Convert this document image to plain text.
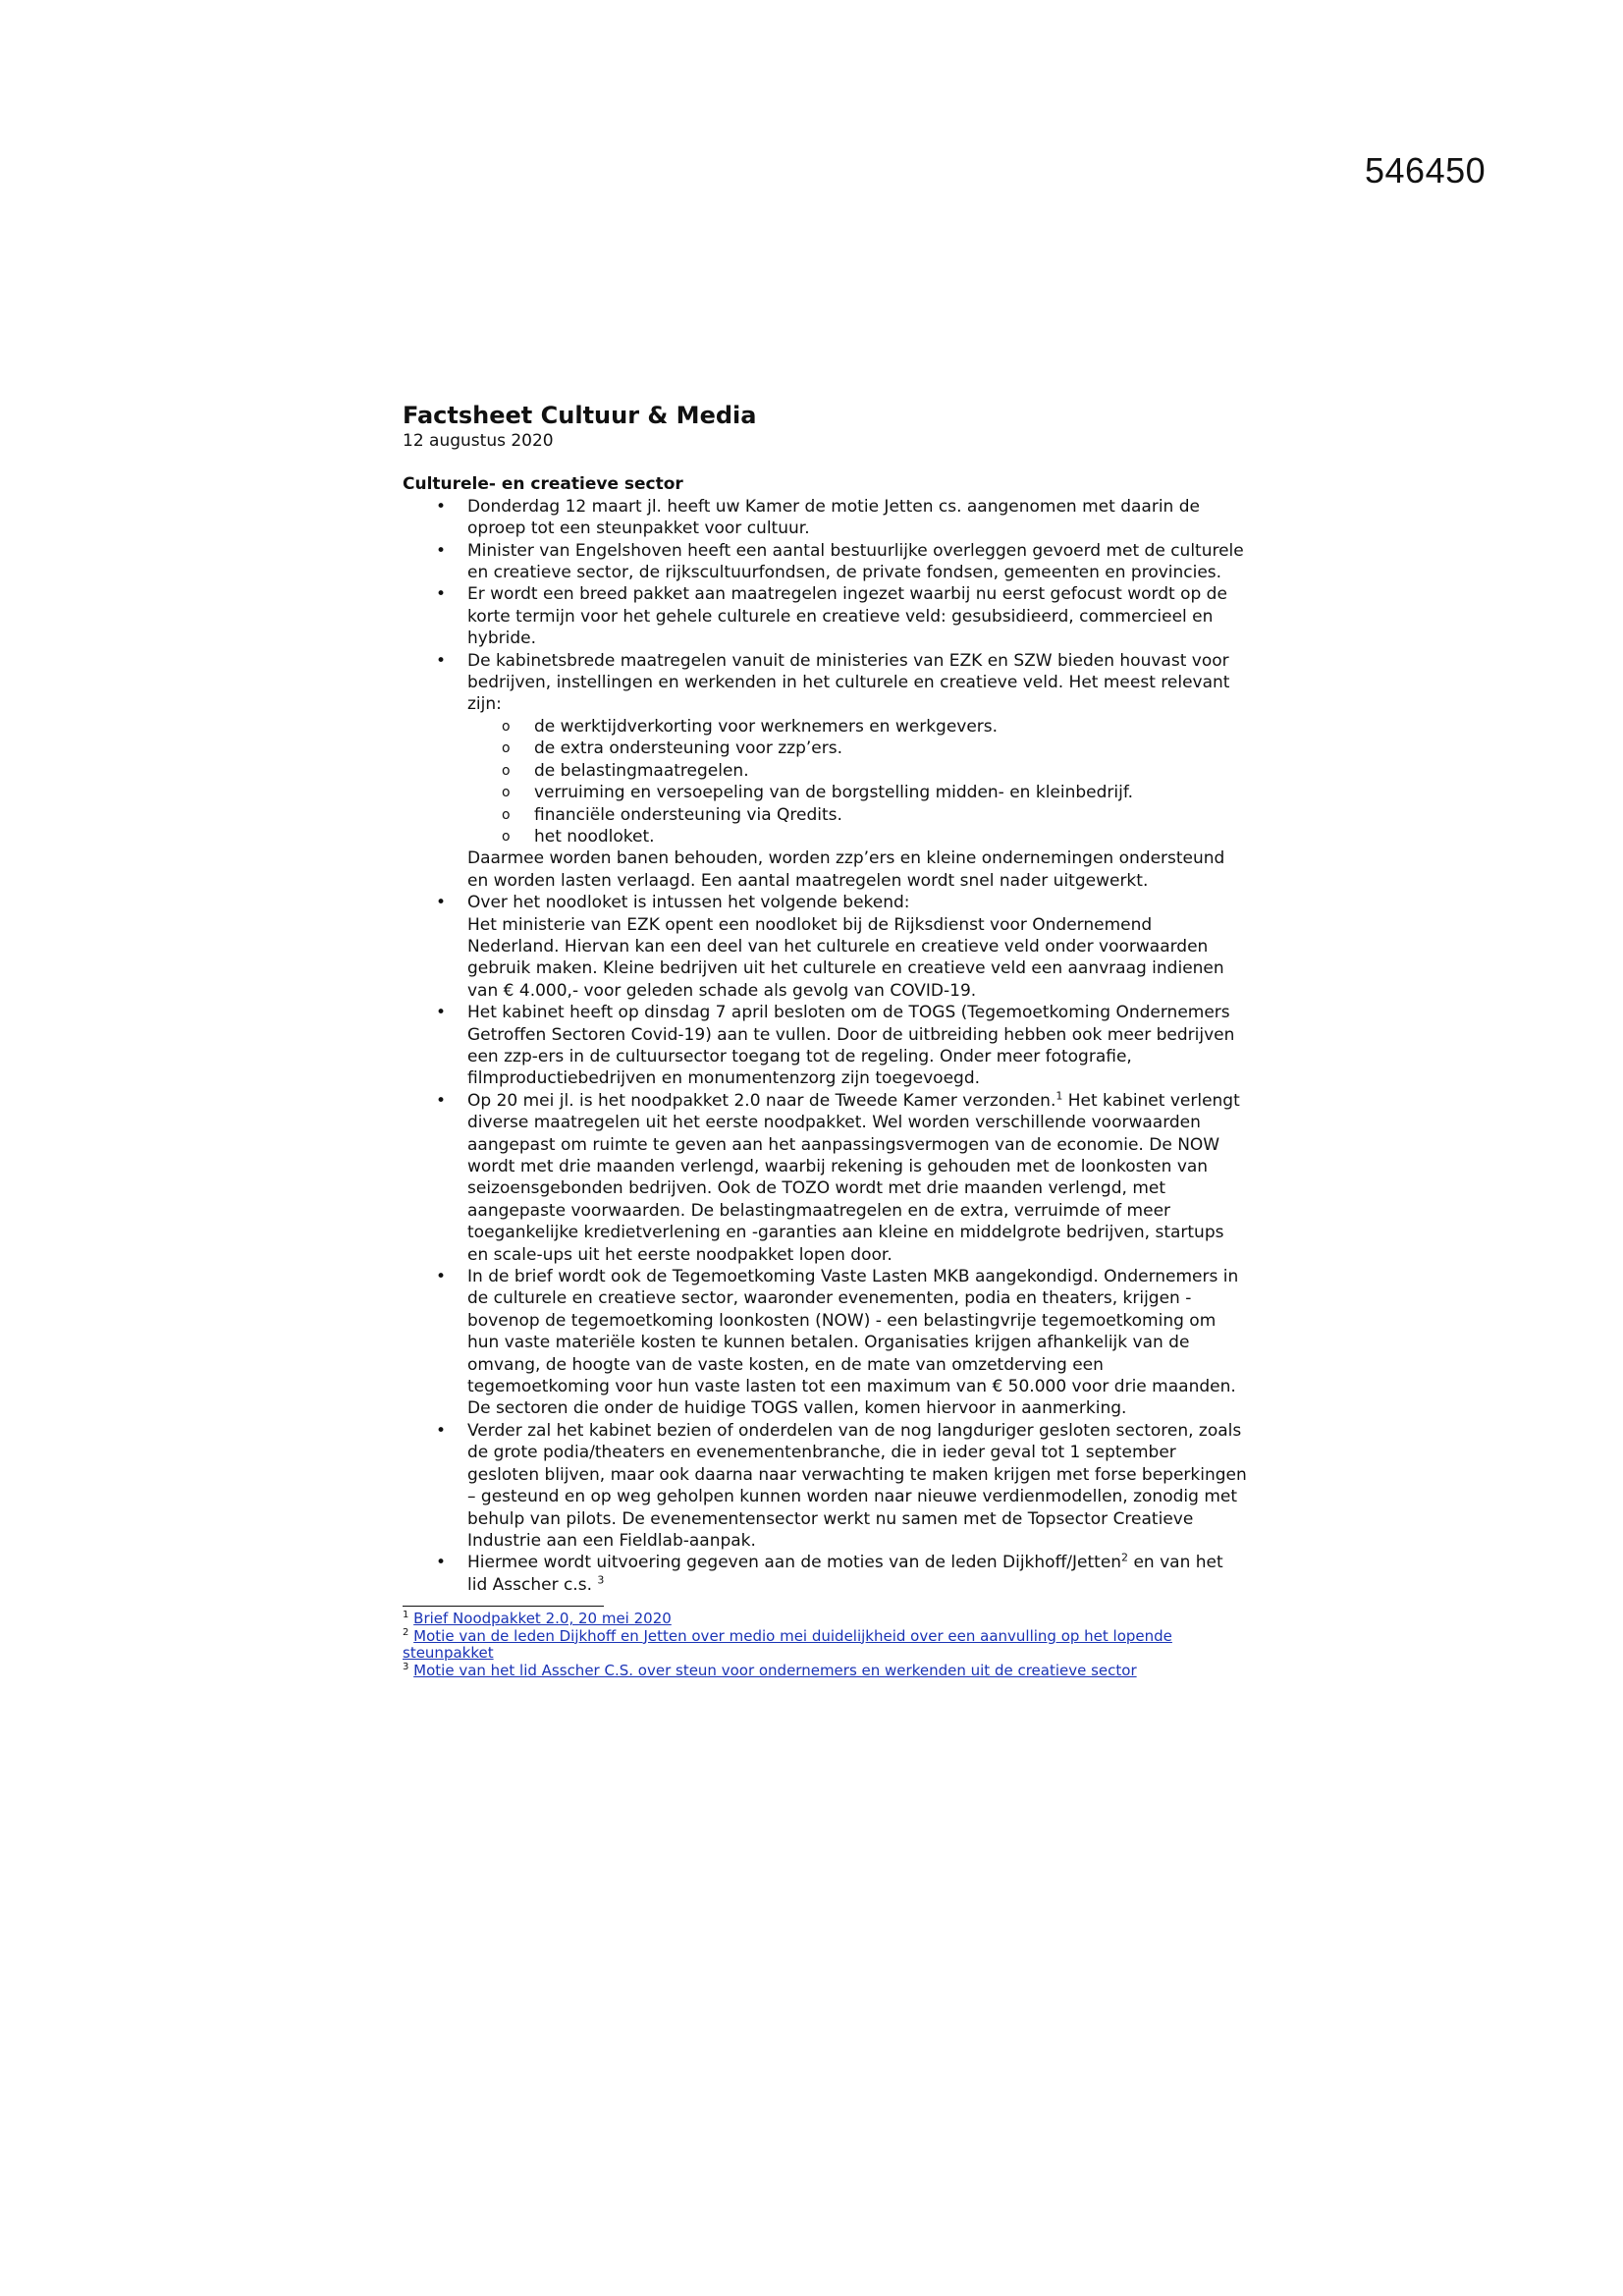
546450
Factsheet Cultuur & Media

12 augustus 2020

Culturele- en creatieve sector

• Donderdag 12 maart jl. heeft uw Kamer de motie Jetten cs. aangenomen met daarin de oproep tot een steunpakket voor cultuur.
• Minister van Engelshoven heeft een aantal bestuurlijke overleggen gevoerd met de culturele en creatieve sector, de rijkscultuurfondsen, de private fondsen, gemeenten en provincies.
• Er wordt een breed pakket aan maatregelen ingezet waarbij nu eerst gefocust wordt op de korte termijn voor het gehele culturele en creatieve veld: gesubsidieerd, commercieel en hybride.
• De kabinetsbrede maatregelen vanuit de ministeries van EZK en SZW bieden houvast voor bedrijven, instellingen en werkenden in het culturele en creatieve veld. Het meest relevant zijn:

o de werktijdverkorting voor werknemers en werkgevers.
o de extra ondersteuning voor zzp’ers.
o de belastingmaatregelen.
o verruiming en versoepeling van de borgstelling midden- en kleinbedrijf.
o financiële ondersteuning via Qredits.
o het noodloket.

Daarmee worden banen behouden, worden zzp’ers en kleine ondernemingen ondersteund en worden lasten verlaagd. Een aantal maatregelen wordt snel nader uitgewerkt.

• Over het noodloket is intussen het volgende bekend:

Het ministerie van EZK opent een noodloket bij de Rijksdienst voor Ondernemend Nederland. Hiervan kan een deel van het culturele en creatieve veld onder voorwaarden gebruik maken. Kleine bedrijven uit het culturele en creatieve veld een aanvraag indienen van € 4.000,- voor geleden schade als gevolg van COVID-19.

• Het kabinet heeft op dinsdag 7 april besloten om de TOGS (Tegemoetkoming Ondernemers Getroffen Sectoren Covid-19) aan te vullen. Door de uitbreiding hebben ook meer bedrijven een zzp-ers in de cultuursector toegang tot de regeling. Onder meer fotografie, filmproductiebedrijven en monumentenzorg zijn toegevoegd.
• Op 20 mei jl. is het noodpakket 2.0 naar de Tweede Kamer verzonden.$^1$ Het kabinet verlengt diverse maatregelen uit het eerste noodpakket. Wel worden verschillende voorwaarden aangepast om ruimte te geven aan het aanpassingsvermogen van de economie. De NOW wordt met drie maanden verlengd, waarbij rekening is gehouden met de loonkosten van seizoensgebonden bedrijven. Ook de TOZO wordt met drie maanden verlengd, met aangepaste voorwaarden. De belastingmaatregelen en de extra, verruimde of meer toegankelijke kredietverlening en -garanties aan kleine en middelgrote bedrijven, startups en scale-ups uit het eerste noodpakket lopen door.
• In de brief wordt ook de Tegemoetkoming Vaste Lasten MKB aangekondigd. Ondernemers in de culturele en creatieve sector, waaronder evenementen, podia en theaters, krijgen - bovenop de tegemoetkoming loonkosten (NOW) - een belastingvrije tegemoetkoming om hun vaste materiële kosten te kunnen betalen. Organisaties krijgen afhankelijk van de omvang, de hoogte van de vaste kosten, en de mate van omzetderving een tegemoetkoming voor hun vaste lasten tot een maximum van € 50.000 voor drie maanden. De sectoren die onder de huidige TOGS vallen, komen hiervoor in aanmerking.
• Verder zal het kabinet bezien of onderdelen van de nog langduriger gesloten sectoren, zoals de grote podia/theaters en evenementenbranche, die in ieder geval tot 1 september gesloten blijven, maar ook daarna naar verwachting te maken krijgen met forse beperkingen – gesteund en op weg geholpen kunnen worden naar nieuwe verdienmodellen, zonodig met behulp van pilots. De evenementensector werkt nu samen met de Topsector Creatieve Industrie aan een Fieldlab-aanpak.
• Hiermee wordt uitvoering gegeven aan de moties van de leden Dijkhoff/Jetten$^2$ en van het lid Asscher c.s. $^3$
$^1$ Brief Noodpakket 2.0, 20 mei 2020
$^2$ Motie van de leden Dijkhoff en Jetten over medio mei duidelijkheid over een aanvulling op het lopende steunpakket
$^3$ Motie van het lid Asscher C.S. over steun voor ondernemers en werkenden uit de creatieve sector
